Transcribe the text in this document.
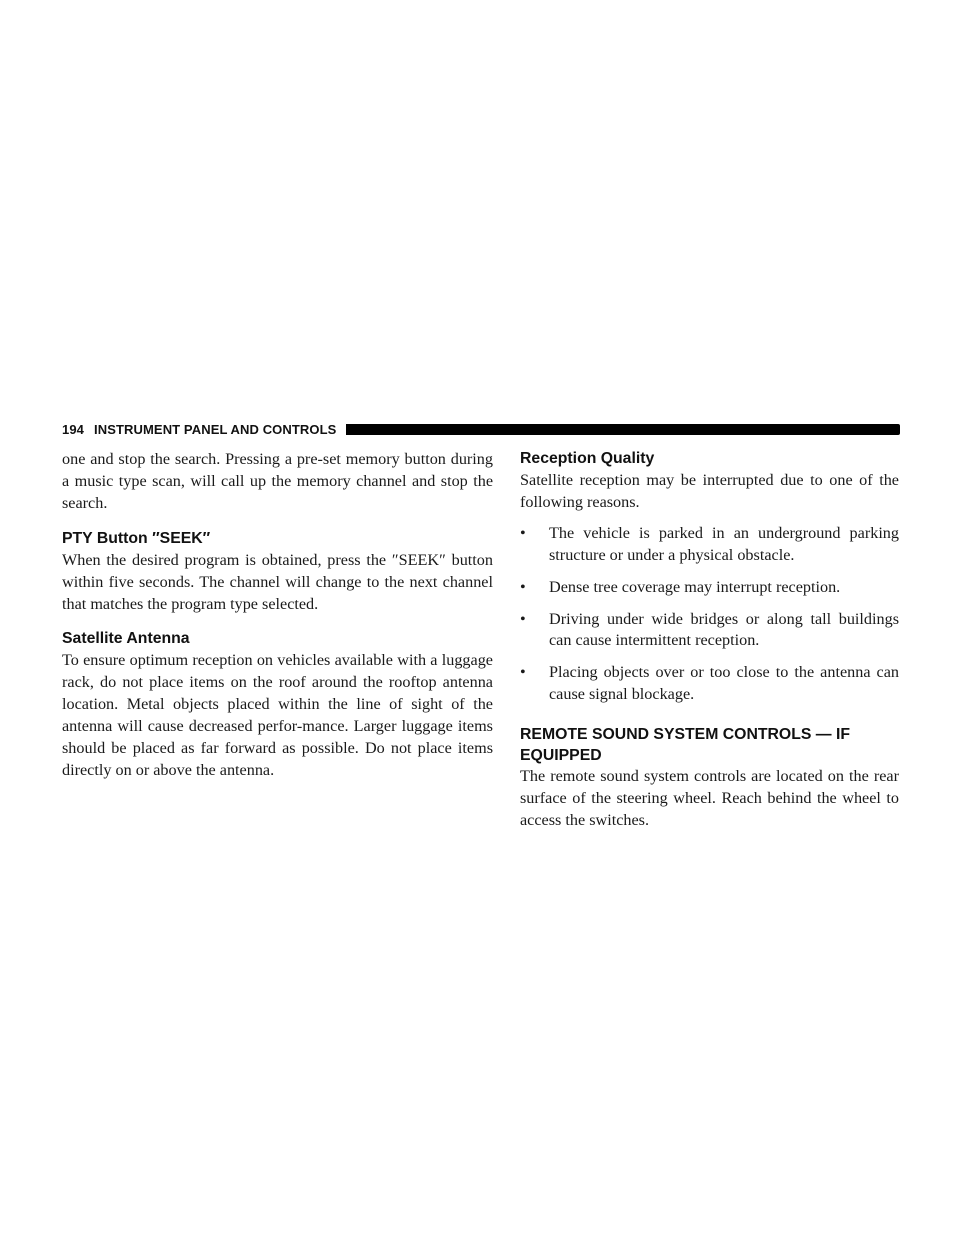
194 INSTRUMENT PANEL AND CONTROLS

one and stop the search. Pressing a pre-set memory button during a music type scan, will call up the memory channel and stop the search.

PTY Button ″SEEK″

When the desired program is obtained, press the ″SEEK″ button within five seconds. The channel will change to the next channel that matches the program type selected.

Satellite Antenna

To ensure optimum reception on vehicles available with a luggage rack, do not place items on the roof around the rooftop antenna location. Metal objects placed within the line of sight of the antenna will cause decreased perfor-mance. Larger luggage items should be placed as far forward as possible. Do not place items directly on or above the antenna.

Reception Quality

Satellite reception may be interrupted due to one of the following reasons.

•	The vehicle is parked in an underground parking structure or under a physical obstacle.
•	Dense tree coverage may interrupt reception.
•	Driving under wide bridges or along tall buildings can cause intermittent reception.
•	Placing objects over or too close to the antenna can cause signal blockage.
REMOTE SOUND SYSTEM CONTROLS — IF EQUIPPED

The remote sound system controls are located on the rear surface of the steering wheel. Reach behind the wheel to access the switches.
